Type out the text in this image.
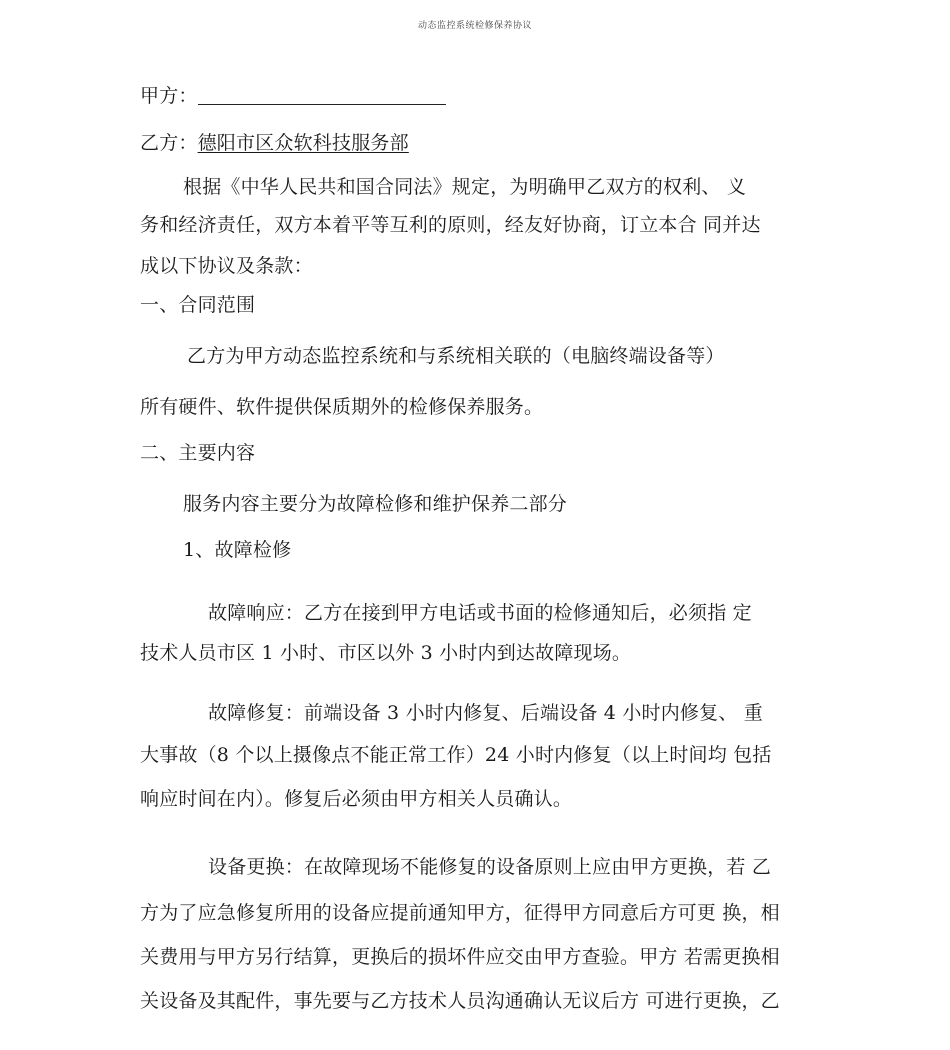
动态监控系统检修保养协议
甲方：
乙方：德阳市区众软科技服务部
根据《中华人民共和国合同法》规定，为明确甲乙双方的权利、 义
务和经济责任，双方本着平等互利的原则，经友好协商，订立本合 同并达
成以下协议及条款：
一、合同范围
乙方为甲方动态监控系统和与系统相关联的（电脑终端设备等）
所有硬件、软件提供保质期外的检修保养服务。
二、主要内容
服务内容主要分为故障检修和维护保养二部分
1、故障检修
故障响应：乙方在接到甲方电话或书面的检修通知后，必须指 定
技术人员市区 1 小时、市区以外 3 小时内到达故障现场。
故障修复：前端设备 3 小时内修复、后端设备 4 小时内修复、 重
大事故（8 个以上摄像点不能正常工作）24 小时内修复（以上时间均 包括
响应时间在内）。修复后必须由甲方相关人员确认。
设备更换：在故障现场不能修复的设备原则上应由甲方更换，若 乙
方为了应急修复所用的设备应提前通知甲方，征得甲方同意后方可更 换，相
关费用与甲方另行结算，更换后的损坏件应交由甲方查验。甲方 若需更换相
关设备及其配件，事先要与乙方技术人员沟通确认无议后方 可进行更换，乙
